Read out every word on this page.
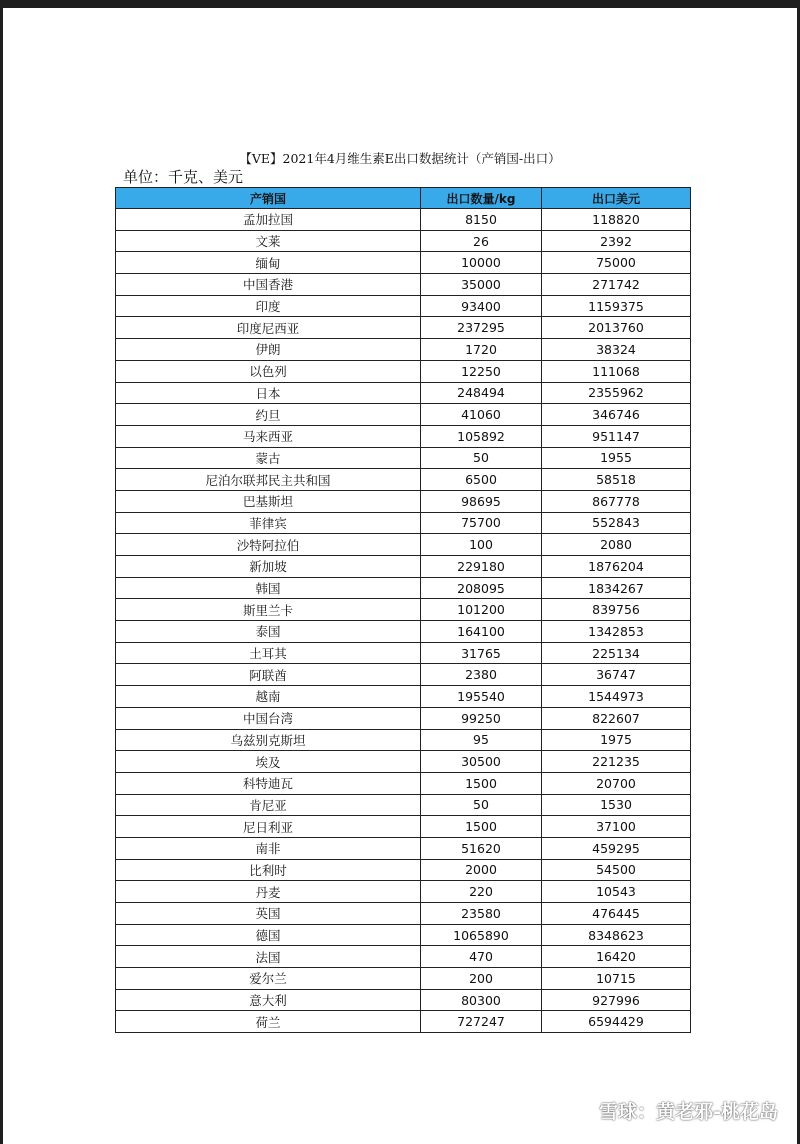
【VE】2021年4月维生素E出口数据统计（产销国-出口）
单位：千克、美元
产销国	出口数量/kg	出口美元
孟加拉国	8150	118820
文莱	26	2392
缅甸	10000	75000
中国香港	35000	271742
印度	93400	1159375
印度尼西亚	237295	2013760
伊朗	1720	38324
以色列	12250	111068
日本	248494	2355962
约旦	41060	346746
马来西亚	105892	951147
蒙古	50	1955
尼泊尔联邦民主共和国	6500	58518
巴基斯坦	98695	867778
菲律宾	75700	552843
沙特阿拉伯	100	2080
新加坡	229180	1876204
韩国	208095	1834267
斯里兰卡	101200	839756
泰国	164100	1342853
土耳其	31765	225134
阿联酋	2380	36747
越南	195540	1544973
中国台湾	99250	822607
乌兹别克斯坦	95	1975
埃及	30500	221235
科特迪瓦	1500	20700
肯尼亚	50	1530
尼日利亚	1500	37100
南非	51620	459295
比利时	2000	54500
丹麦	220	10543
英国	23580	476445
德国	1065890	8348623
法国	470	16420
爱尔兰	200	10715
意大利	80300	927996
荷兰	727247	6594429
雪球：黄老邪-桃花岛
